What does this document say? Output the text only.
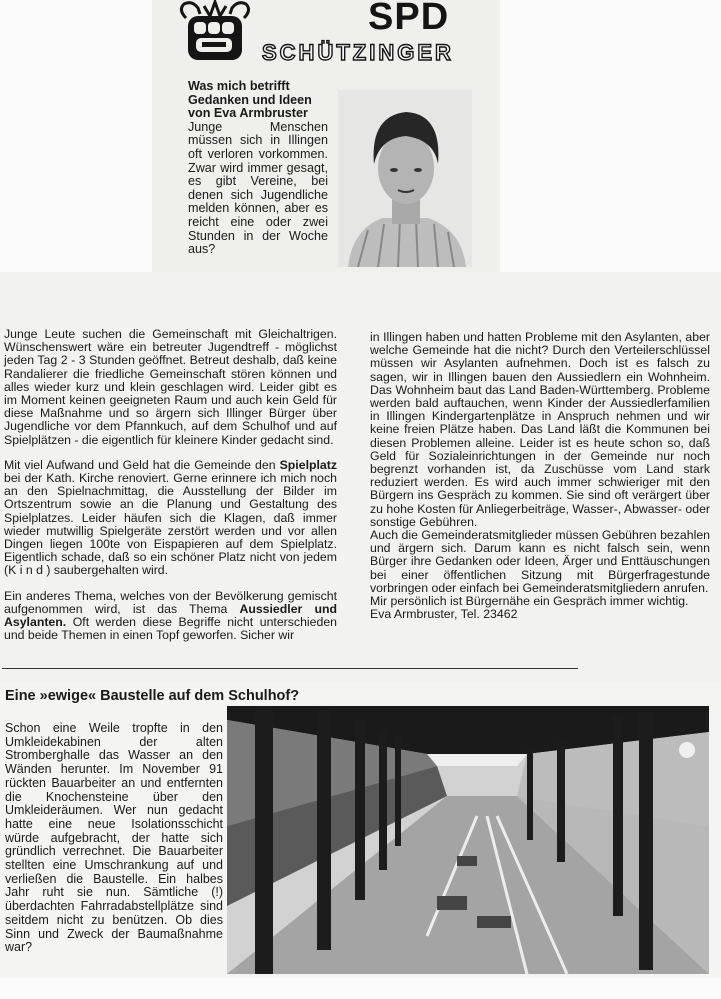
SPD
SCHÜTZINGER
Was mich betrifft
Gedanken und Ideen
von Eva Armbruster
Junge Menschen müssen sich in Illingen oft verloren vorkommen. Zwar wird immer gesagt, es gibt Vereine, bei denen sich Jugendliche melden können, aber es reicht eine oder zwei Stunden in der Woche aus?

Junge Leute suchen die Gemeinschaft mit Gleichaltrigen. Wünschenswert wäre ein betreuter Jugendtreff - möglichst jeden Tag 2 - 3 Stunden geöffnet. Betreut deshalb, daß keine Randalierer die friedliche Gemeinschaft stören können und alles wieder kurz und klein geschlagen wird. Leider gibt es im Moment keinen geeigneten Raum und auch kein Geld für diese Maßnahme und so ärgern sich Illinger Bürger über Jugendliche vor dem Pfannkuch, auf dem Schulhof und auf Spielplätzen - die eigentlich für kleinere Kinder gedacht sind.

Mit viel Aufwand und Geld hat die Gemeinde den Spielplatz bei der Kath. Kirche renoviert. Gerne erinnere ich mich noch an den Spielnachmittag, die Ausstellung der Bilder im Ortszentrum sowie an die Planung und Gestaltung des Spielplatzes. Leider häufen sich die Klagen, daß immer wieder mutwillig Spielgeräte zerstört werden und vor allen Dingen liegen 100te von Eispapieren auf dem Spielplatz. Eigentlich schade, daß so ein schöner Platz nicht von jedem (K i n d ) saubergehalten wird.

Ein anderes Thema, welches von der Bevölkerung gemischt aufgenommen wird, ist das Thema Aussiedler und Asylanten. Oft werden diese Begriffe nicht unterschieden und beide Themen in einen Topf geworfen. Sicher wir

in Illingen haben und hatten Probleme mit den Asylanten, aber welche Gemeinde hat die nicht? Durch den Verteilerschlüssel müssen wir Asylanten aufnehmen. Doch ist es falsch zu sagen, wir in Illingen bauen den Aussiedlern ein Wohnheim. Das Wohnheim baut das Land Baden-Württemberg. Probleme werden bald auftauchen, wenn Kinder der Aussiedlerfamilien in Illingen Kindergartenplätze in Anspruch nehmen und wir keine freien Plätze haben. Das Land läßt die Kommunen bei diesen Problemen alleine. Leider ist es heute schon so, daß Geld für Sozialeinrichtungen in der Gemeinde nur noch begrenzt vorhanden ist, da Zuschüsse vom Land stark reduziert werden. Es wird auch immer schwieriger mit den Bürgern ins Gespräch zu kommen. Sie sind oft verärgert über zu hohe Kosten für Anliegerbeiträge, Wasser-, Abwasser- oder sonstige Gebühren.

Auch die Gemeinderatsmitglieder müssen Gebühren bezahlen und ärgern sich. Darum kann es nicht falsch sein, wenn Bürger ihre Gedanken oder Ideen, Ärger und Enttäuschungen bei einer öffentlichen Sitzung mit Bürgerfragestunde vorbringen oder einfach bei Gemeinderatsmitgliedern anrufen.

Mir persönlich ist Bürgernähe ein Gespräch immer wichtig.

Eva Armbruster, Tel. 23462

Eine »ewige« Baustelle auf dem Schulhof?
Schon eine Weile tropfte in den Umkleidekabinen der alten Stromberghalle das Wasser an den Wänden herunter. Im November 91 rückten Bauarbeiter an und entfernten die Knochensteine über den Umkleideräumen. Wer nun gedacht hatte eine neue Isolationsschicht würde aufgebracht, der hatte sich gründlich verrechnet. Die Bauarbeiter stellten eine Umschrankung auf und verließen die Baustelle. Ein halbes Jahr ruht sie nun. Sämtliche (!) überdachten Fahrradabstellplätze sind seitdem nicht zu benützen. Ob dies Sinn und Zweck der Baumaßnahme war?
